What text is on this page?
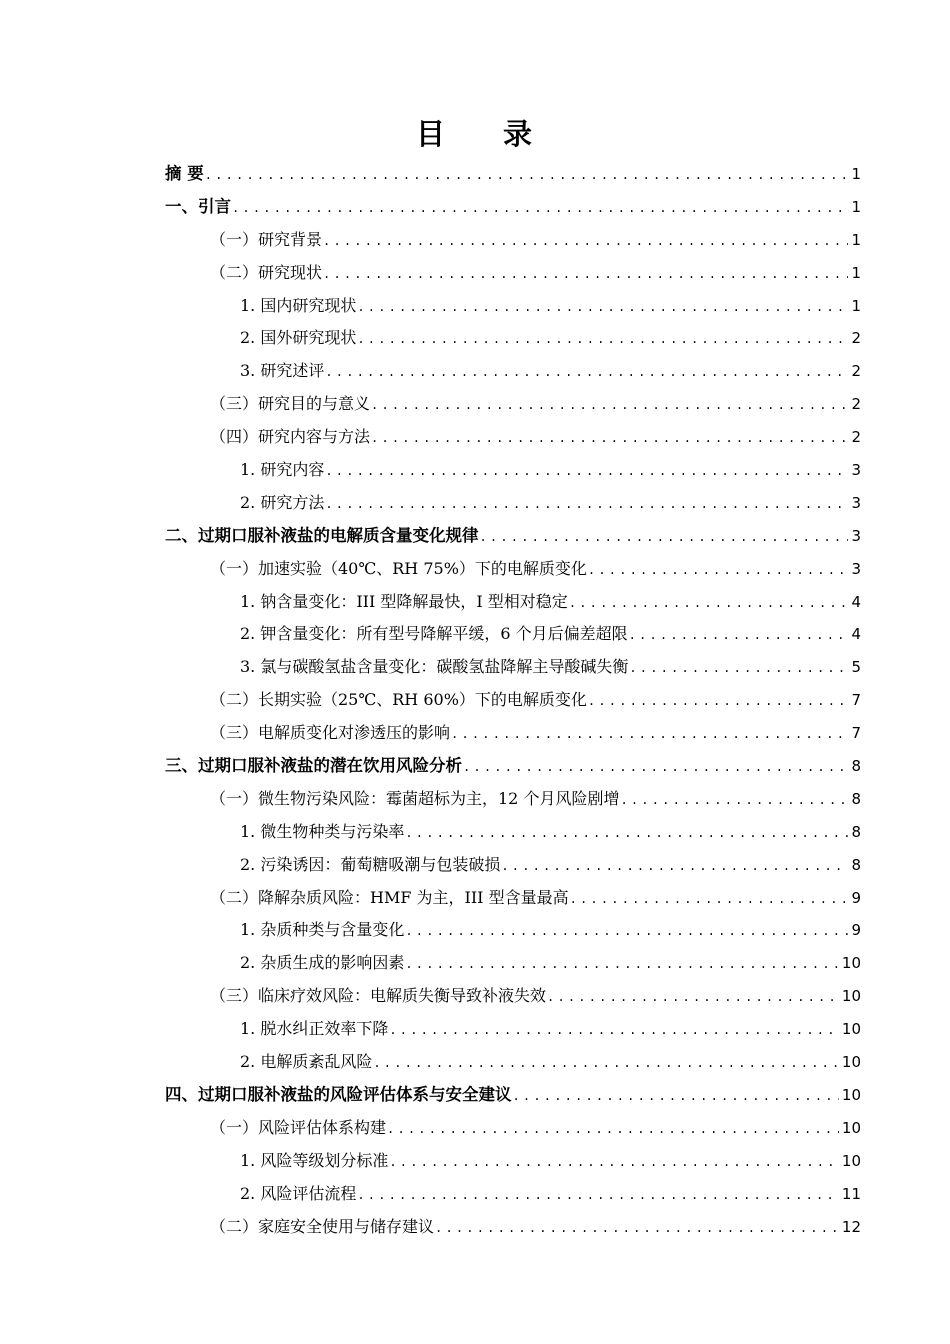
目 录
摘 要 .....	1
一、引言 .....	1
（一）研究背景 .....	1
（二）研究现状 .....	1
1. 国内研究现状 .....	1
2. 国外研究现状 .....	2
3. 研究述评 .....	2
（三）研究目的与意义 .....	2
（四）研究内容与方法 .....	2
1. 研究内容 .....	3
2. 研究方法 .....	3
二、过期口服补液盐的电解质含量变化规律 .....	3
（一）加速实验（40℃、RH 75%）下的电解质变化 .....	3
1. 钠含量变化：III 型降解最快，I 型相对稳定 .....	4
2. 钾含量变化：所有型号降解平缓，6 个月后偏差超限 .....	4
3. 氯与碳酸氢盐含量变化：碳酸氢盐降解主导酸碱失衡 .....	5
（二）长期实验（25℃、RH 60%）下的电解质变化 .....	7
（三）电解质变化对渗透压的影响 .....	7
三、过期口服补液盐的潜在饮用风险分析 .....	8
（一）微生物污染风险：霉菌超标为主，12 个月风险剧增 .....	8
1. 微生物种类与污染率 .....	8
2. 污染诱因：葡萄糖吸潮与包装破损 .....	8
（二）降解杂质风险：HMF 为主，III 型含量最高 .....	9
1. 杂质种类与含量变化 .....	9
2. 杂质生成的影响因素 .....	10
（三）临床疗效风险：电解质失衡导致补液失效 .....	10
1. 脱水纠正效率下降 .....	10
2. 电解质紊乱风险 .....	10
四、过期口服补液盐的风险评估体系与安全建议 .....	10
（一）风险评估体系构建 .....	10
1. 风险等级划分标准 .....	10
2. 风险评估流程 .....	11
（二）家庭安全使用与储存建议 .....	12
